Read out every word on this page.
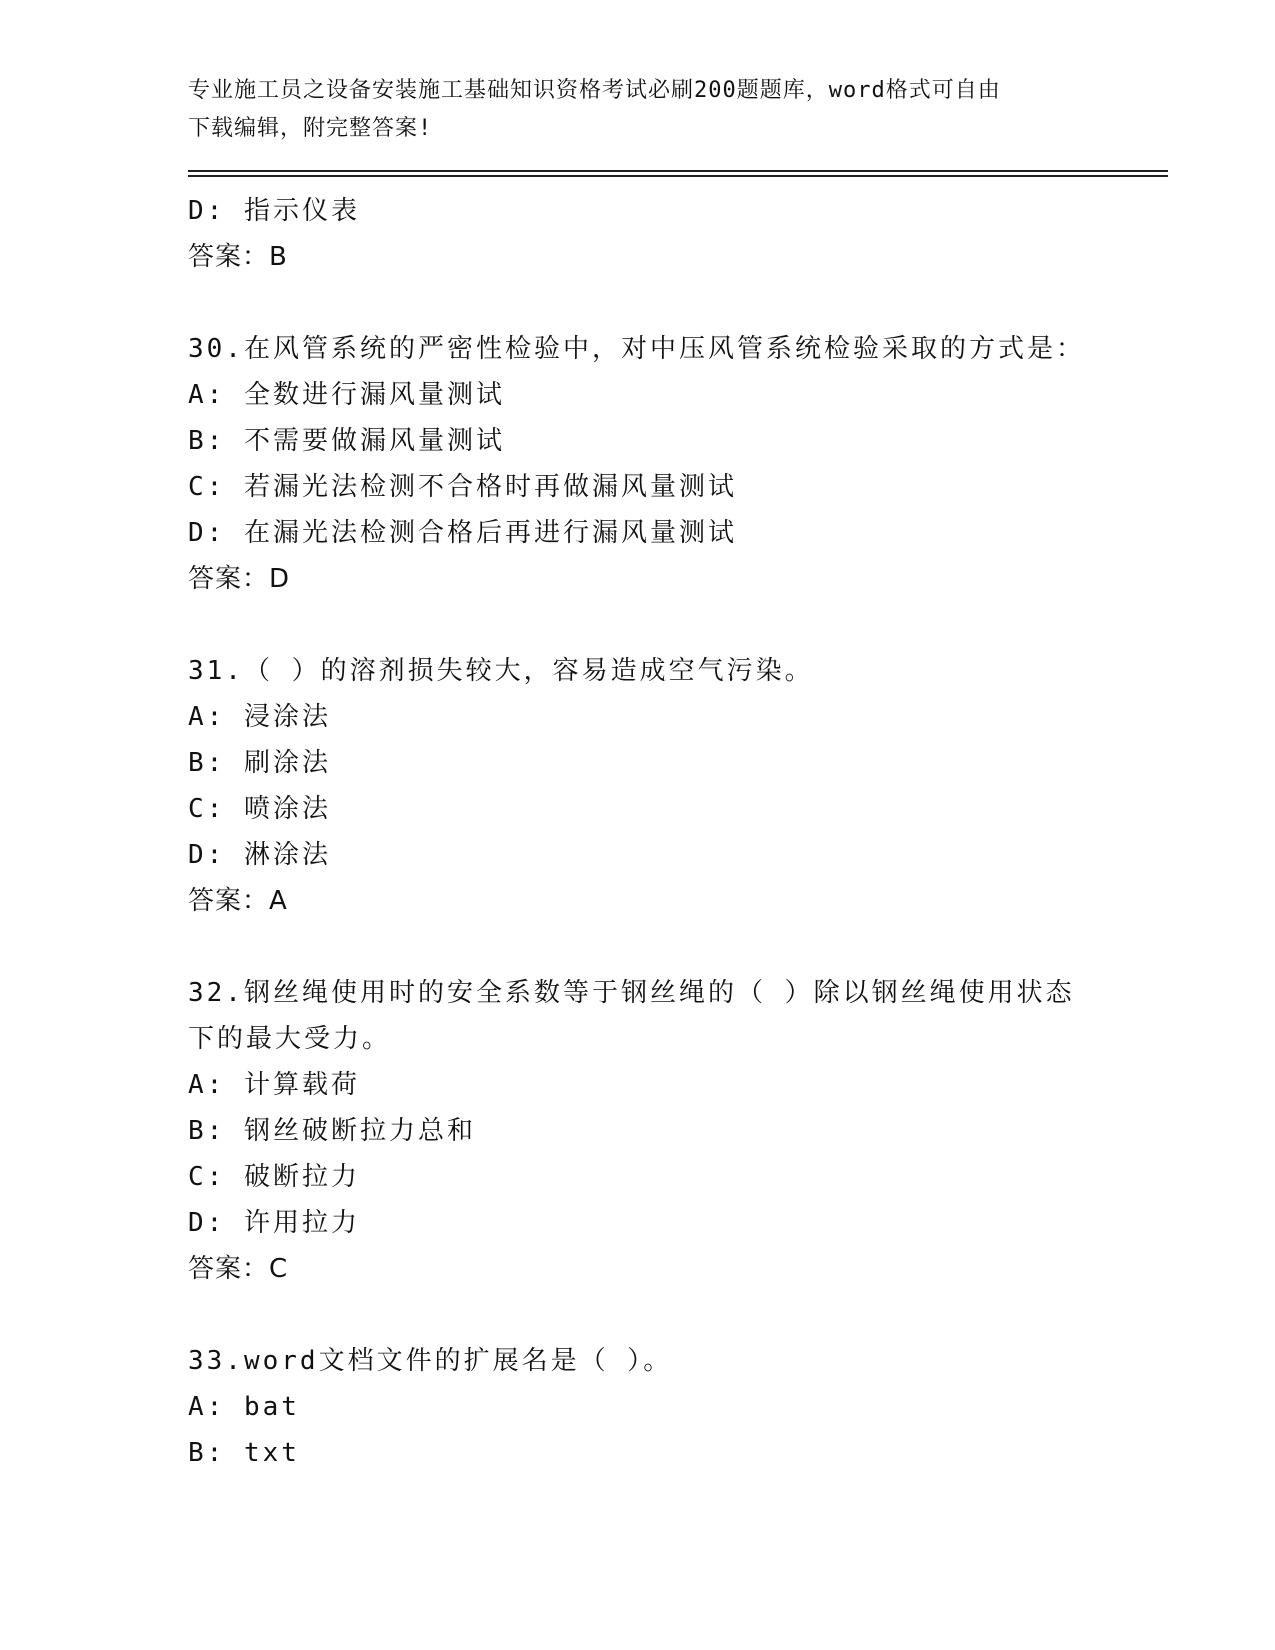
专业施工员之设备安装施工基础知识资格考试必刷200题题库，word格式可自由
下载编辑，附完整答案!
D: 指示仪表
答案：B
30.在风管系统的严密性检验中，对中压风管系统检验采取的方式是：
A: 全数进行漏风量测试
B: 不需要做漏风量测试
C: 若漏光法检测不合格时再做漏风量测试
D: 在漏光法检测合格后再进行漏风量测试
答案：D
31.（ ）的溶剂损失较大，容易造成空气污染。
A: 浸涂法
B: 刷涂法
C: 喷涂法
D: 淋涂法
答案：A
32.钢丝绳使用时的安全系数等于钢丝绳的（ ）除以钢丝绳使用状态
下的最大受力。
A: 计算载荷
B: 钢丝破断拉力总和
C: 破断拉力
D: 许用拉力
答案：C
33.word文档文件的扩展名是（ ）。
A: bat
B: txt
